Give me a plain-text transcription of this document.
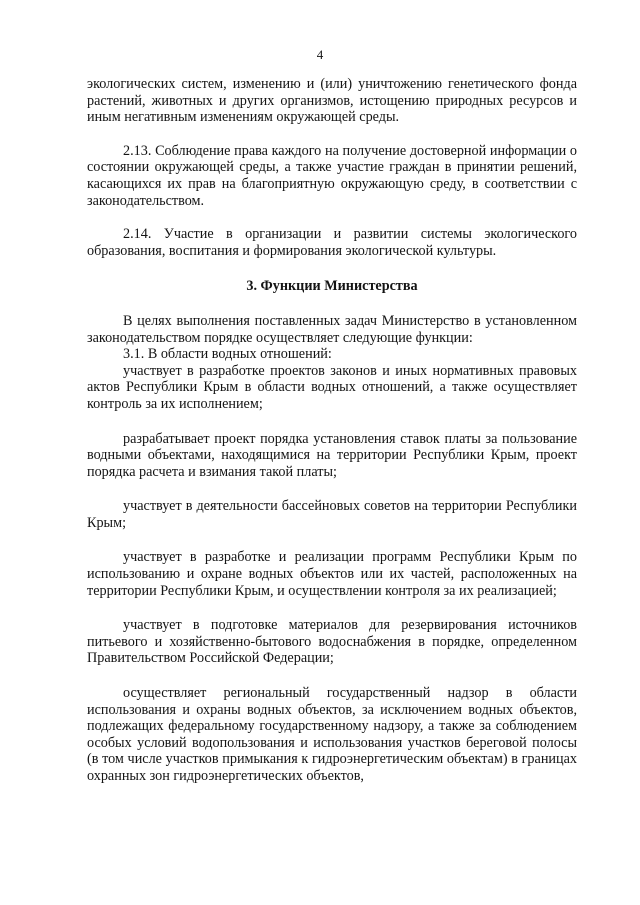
4

экологических систем, изменению и (или) уничтожению генетического фонда растений, животных и других организмов, истощению природных ресурсов и иным негативным изменениям окружающей среды.

2.13. Соблюдение права каждого на получение достоверной информации о состоянии окружающей среды, а также участие граждан в принятии решений, касающихся их прав на благоприятную окружающую среду, в соответствии с законодательством.

2.14. Участие в организации и развитии системы экологического образования, воспитания и формирования экологической культуры.

3. Функции Министерства

В целях выполнения поставленных задач Министерство в установленном законодательством порядке осуществляет следующие функции:

3.1. В области водных отношений:

участвует в разработке проектов законов и иных нормативных правовых актов Республики Крым в области водных отношений, а также осуществляет контроль за их исполнением;

разрабатывает проект порядка установления ставок платы за пользование водными объектами, находящимися на территории Республики Крым, проект порядка расчета и взимания такой платы;

участвует в деятельности бассейновых советов на территории Республики Крым;

участвует в разработке и реализации программ Республики Крым по использованию и охране водных объектов или их частей, расположенных на территории Республики Крым, и осуществлении контроля за их реализацией;

участвует в подготовке материалов для резервирования источников питьевого и хозяйственно-бытового водоснабжения в порядке, определенном Правительством Российской Федерации;

осуществляет региональный государственный надзор в области использования и охраны водных объектов, за исключением водных объектов, подлежащих федеральному государственному надзору, а также за соблюдением особых условий водопользования и использования участков береговой полосы (в том числе участков примыкания к гидроэнергетическим объектам) в границах охранных зон гидроэнергетических объектов,
